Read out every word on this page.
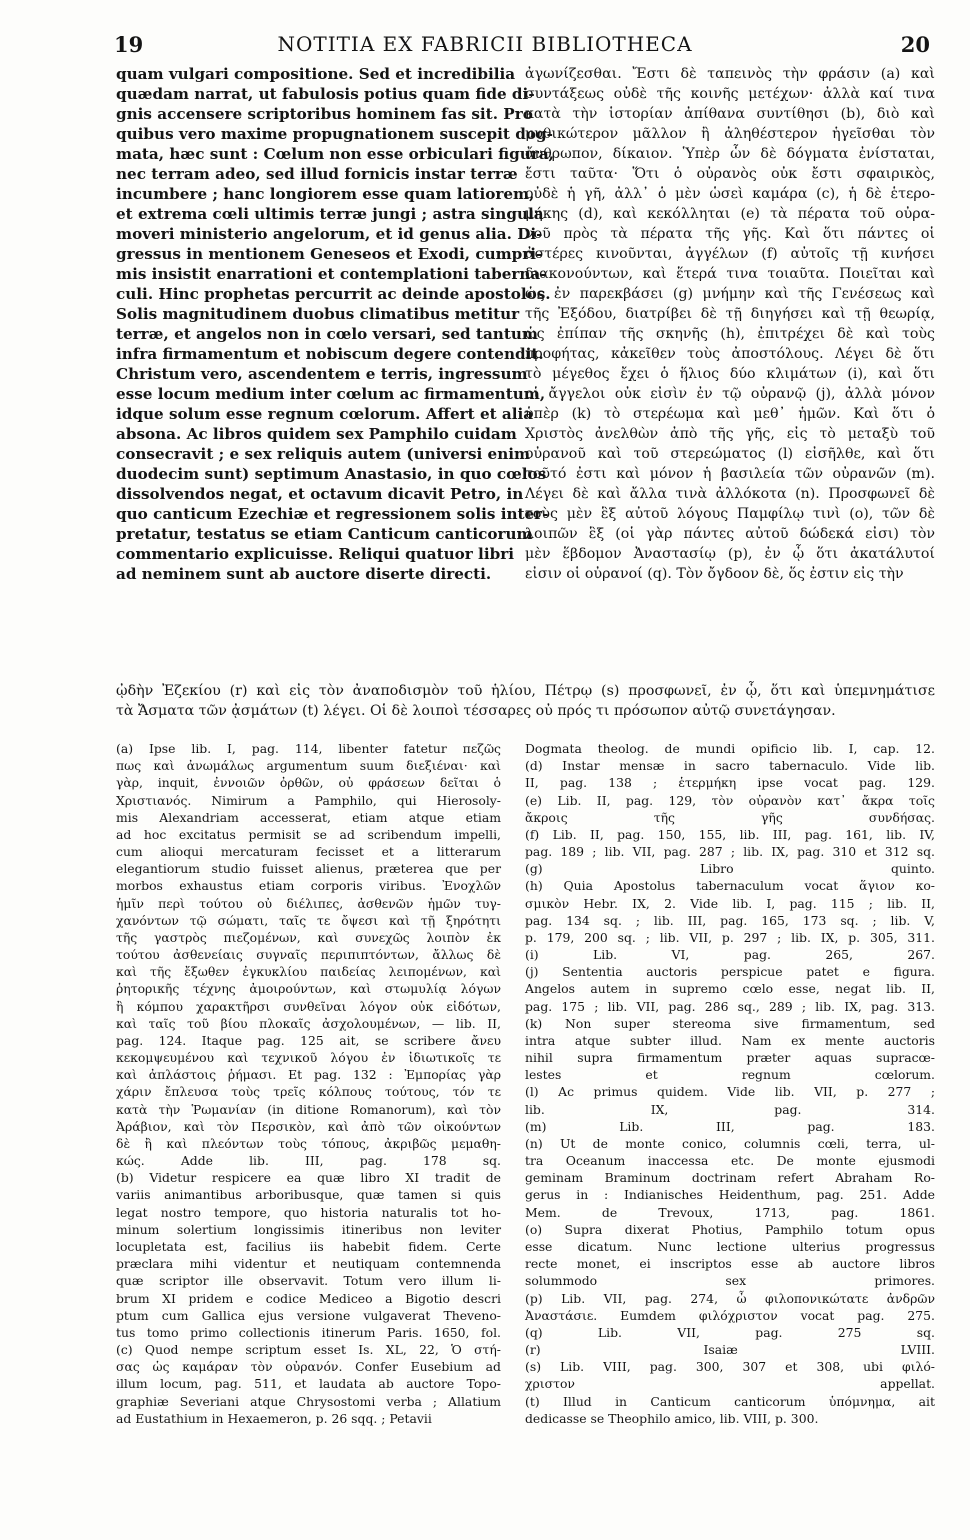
19	NOTITIA EX FABRICII BIBLIOTHECA	20
quam vulgari compositione. Sed et incredibilia
quædam narrat, ut fabulosis potius quam fide di-
gnis accensere scriptoribus hominem fas sit. Pro
quibus vero maxime propugnationem suscepit dog-
mata, hæc sunt : Cœlum non esse orbiculari figura,
nec terram adeo, sed illud fornicis instar terræ
incumbere ; hanc longiorem esse quam latiorem,
et extrema cœli ultimis terræ jungi ; astra singula
moveri ministerio angelorum, et id genus alia. Di-
gressus in mentionem Geneseos et Exodi, cumpri-
mis insistit enarrationi et contemplationi taberna-
culi. Hinc prophetas percurrit ac deinde apostolos.
Solis magnitudinem duobus climatibus metitur
terræ, et angelos non in cœlo versari, sed tantum
infra firmamentum et nobiscum degere contendit.
Christum vero, ascendentem e terris, ingressum
esse locum medium inter cœlum ac firmamentum,
idque solum esse regnum cœlorum. Affert et alia
absona. Ac libros quidem sex Pamphilo cuidam
consecravit ; e sex reliquis autem (universi enim
duodecim sunt) septimum Anastasio, in quo cœlos
dissolvendos negat, et octavum dicavit Petro, in
quo canticum Ezechiæ et regressionem solis inter-
pretatur, testatus se etiam Canticum canticorum
commentario explicuisse. Reliqui quatuor libri
ad neminem sunt ab auctore diserte directi.
ἀγωνίζεσθαι. Ἔστι δὲ ταπεινὸς τὴν φράσιν (a) καὶ
συντάξεως οὐδὲ τῆς κοινῆς μετέχων· ἀλλὰ καί τινα
κατὰ τὴν ἱστορίαν ἀπίθανα συντίθησι (b), διὸ καὶ
μυθικώτερον μᾶλλον ἢ ἀληθέστερον ἡγεῖσθαι τὸν
ἄνθρωπον, δίκαιον. Ὑπὲρ ὧν δὲ δόγματα ἐνίσταται,
ἔστι ταῦτα· Ὅτι ὁ οὐρανὸς οὐκ ἔστι σφαιρικὸς,
οὐδὲ ἡ γῆ, ἀλλ᾽ ὁ μὲν ὡσεὶ καμάρα (c), ἡ δὲ ἑτερο-
μήκης (d), καὶ κεκόλληται (e) τὰ πέρατα τοῦ οὐρα-
νοῦ πρὸς τὰ πέρατα τῆς γῆς. Καὶ ὅτι πάντες οἱ
ἀστέρες κινοῦνται, ἀγγέλων (f) αὐτοῖς τῇ κινήσει
διακονούντων, καὶ ἕτερά τινα τοιαῦτα. Ποιεῖται καὶ
ὡς ἐν παρεκβάσει (g) μνήμην καὶ τῆς Γενέσεως καὶ
τῆς Ἐξόδου, διατρίβει δὲ τῇ διηγήσει καὶ τῇ θεωρίᾳ,
ὡς ἐπίπαν τῆς σκηνῆς (h), ἐπιτρέχει δὲ καὶ τοὺς
προφήτας, κἀκεῖθεν τοὺς ἀποστόλους. Λέγει δὲ ὅτι
τὸ μέγεθος ἔχει ὁ ἥλιος δύο κλιμάτων (i), καὶ ὅτι
οἱ ἄγγελοι οὐκ εἰσὶν ἐν τῷ οὐρανῷ (j), ἀλλὰ μόνον
ὑπὲρ (k) τὸ στερέωμα καὶ μεθ᾽ ἡμῶν. Καὶ ὅτι ὁ
Χριστὸς ἀνελθὼν ἀπὸ τῆς γῆς, εἰς τὸ μεταξὺ τοῦ
οὐρανοῦ καὶ τοῦ στερεώματος (l) εἰσῆλθε, καὶ ὅτι
τοῦτό ἐστι καὶ μόνον ἡ βασιλεία τῶν οὐρανῶν (m).
Λέγει δὲ καὶ ἄλλα τινὰ ἀλλόκοτα (n). Προσφωνεῖ δὲ
τοὺς μὲν ἓξ αὐτοῦ λόγους Παμφίλῳ τινὶ (o), τῶν δὲ
λοιπῶν ἓξ (οἱ γὰρ πάντες αὐτοῦ δώδεκά εἰσι) τὸν
μὲν ἕβδομον Ἀναστασίῳ (p), ἐν ᾧ ὅτι ἀκατάλυτοί
εἰσιν οἱ οὐρανοί (q). Τὸν ὄγδοον δὲ, ὅς ἐστιν εἰς τὴν
ᾠδὴν Ἐζεκίου (r) καὶ εἰς τὸν ἀναποδισμὸν τοῦ ἡλίου, Πέτρῳ (s) προσφωνεῖ, ἐν ᾧ, ὅτι καὶ ὑπεμνημάτισε
τὰ Ἄσματα τῶν ᾀσμάτων (t) λέγει. Οἱ δὲ λοιποὶ τέσσαρες οὐ πρός τι πρόσωπον αὐτῷ συνετάγησαν.
(a) Ipse lib. I, pag. 114, libenter fatetur πεζῶς
πως καὶ ἀνωμάλως argumentum suum διεξιέναι· καὶ
γὰρ, inquit, ἐννοιῶν ὀρθῶν, οὐ φράσεων δεῖται ὁ
Χριστιανός. Nimirum a Pamphilo, qui Hierosoly-
mis Alexandriam accesserat, etiam atque etiam
ad hoc excitatus permisit se ad scribendum impelli,
cum alioqui mercaturam fecisset et a litterarum
elegantiorum studio fuisset alienus, præterea que per
morbos exhaustus etiam corporis viribus. Ἐνοχλῶν
ἡμῖν περὶ τούτου οὐ διέλιπες, ἀσθενῶν ἡμῶν τυγ-
χανόντων τῷ σώματι, ταῖς τε ὄψεσι καὶ τῇ ξηρότητι
τῆς γαστρὸς πιεζομένων, καὶ συνεχῶς λοιπὸν ἐκ
τούτου ἀσθενείαις συγναῖς περιπιπτόντων, ἄλλως δὲ
καὶ τῆς ἔξωθεν ἐγκυκλίου παιδείας λειπομένων, καὶ
ῥητορικῆς τέχνης ἀμοιρούντων, καὶ στωμυλίᾳ λόγων
ἢ κόμπου χαρακτῆρσι συνθεῖναι λόγον οὐκ εἰδότων,
καὶ ταῖς τοῦ βίου πλοκαῖς ἀσχολουμένων, — lib. II,
pag. 124. Itaque pag. 125 ait, se scribere ἄνευ
κεκομψευμένου καὶ τεχνικοῦ λόγου ἐν ἰδιωτικοῖς τε
καὶ ἀπλάστοις ῥήμασι. Et pag. 132 : Ἐμπορίας γὰρ
χάριν ἔπλευσα τοὺς τρεῖς κόλπους τούτους, τόν τε
κατὰ τὴν Ῥωμανίαν (in ditione Romanorum), καὶ τὸν
Ἀράβιον, καὶ τὸν Περσικὸν, καὶ ἀπὸ τῶν οἰκούντων
δὲ ἢ καὶ πλεόντων τοὺς τόπους, ἀκριβῶς μεμαθη-
κώς. Adde lib. III, pag. 178 sq.
(b) Videtur respicere ea quæ libro XI tradit de
variis animantibus arboribusque, quæ tamen si quis
legat nostro tempore, quo historia naturalis tot ho-
minum solertium longissimis itineribus non leviter
locupletata est, facilius iis habebit fidem. Certe
præclara mihi videntur et neutiquam contemnenda
quæ scriptor ille observavit. Totum vero illum li-
brum XI pridem e codice Mediceo a Bigotio descri
ptum cum Gallica ejus versione vulgaverat Theveno-
tus tomo primo collectionis itinerum Paris. 1650, fol.
(c) Quod nempe scriptum esset Is. XL, 22, Ὁ στή-
σας ὡς καμάραν τὸν οὐρανόν. Confer Eusebium ad
illum locum, pag. 511, et laudata ab auctore Topo-
graphiæ Severiani atque Chrysostomi verba ; Allatium
ad Eustathium in Hexaemeron, p. 26 sqq. ; Petavii
Dogmata theolog. de mundi opificio lib. I, cap. 12.
(d) Instar mensæ in sacro tabernaculo. Vide lib.
II, pag. 138 ; ἑτερμήκη ipse vocat pag. 129.
(e) Lib. II, pag. 129, τὸν οὐρανὸν κατ᾽ ἄκρα τοῖς
ἄκροις τῆς γῆς συνδήσας.
(f) Lib. II, pag. 150, 155, lib. III, pag. 161, lib. IV,
pag. 189 ; lib. VII, pag. 287 ; lib. IX, pag. 310 et 312 sq.
(g) Libro quinto.
(h) Quia Apostolus tabernaculum vocat ἅγιον κο-
σμικὸν Hebr. IX, 2. Vide lib. I, pag. 115 ; lib. II,
pag. 134 sq. ; lib. III, pag. 165, 173 sq. ; lib. V,
p. 179, 200 sq. ; lib. VII, p. 297 ; lib. IX, p. 305, 311.
(i) Lib. VI, pag. 265, 267.
(j) Sententia auctoris perspicue patet e figura.
Angelos autem in supremo cœlo esse, negat lib. II,
pag. 175 ; lib. VII, pag. 286 sq., 289 ; lib. IX, pag. 313.
(k) Non super stereoma sive firmamentum, sed
intra atque subter illud. Nam ex mente auctoris
nihil supra firmamentum præter aquas supracœ-
lestes et regnum cœlorum.
(l) Ac primus quidem. Vide lib. VII, p. 277 ;
lib. IX, pag. 314.
(m) Lib. III, pag. 183.
(n) Ut de monte conico, columnis cœli, terra, ul-
tra Oceanum inaccessa etc. De monte ejusmodi
geminam Braminum doctrinam refert Abraham Ro-
gerus in : Indianisches Heidenthum, pag. 251. Adde
Mem. de Trevoux, 1713, pag. 1861.
(o) Supra dixerat Photius, Pamphilo totum opus
esse dicatum. Nunc lectione ulterius progressus
recte monet, ei inscriptos esse ab auctore libros
solummodo sex primores.
(p) Lib. VII, pag. 274, ὦ φιλοπονικώτατε ἀνδρῶν
Ἀναστάσιε. Eumdem φιλόχριστον vocat pag. 275.
(q) Lib. VII, pag. 275 sq.
(r) Isaiæ LVIII.
(s) Lib. VIII, pag. 300, 307 et 308, ubi φιλό-
χριστον appellat.
(t) Illud in Canticum canticorum ὑπόμνημα, ait
dedicasse se Theophilo amico, lib. VIII, p. 300.
